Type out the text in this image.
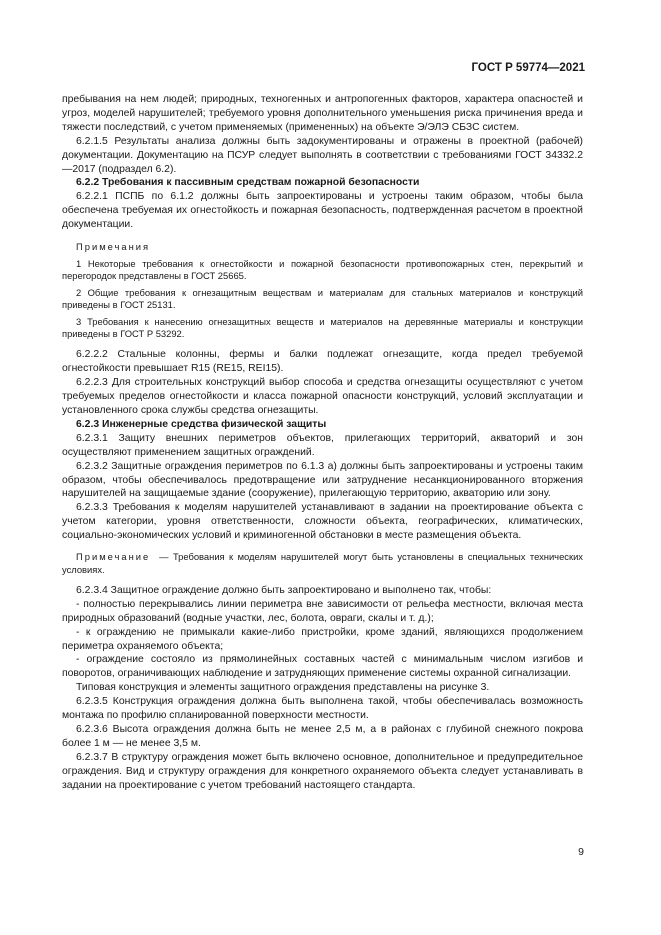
ГОСТ Р 59774—2021

пребывания на нем людей; природных, техногенных и антропогенных факторов, характера опасностей и угроз, моделей нарушителей; требуемого уровня дополнительного уменьшения риска причинения вреда и тяжести последствий, с учетом применяемых (примененных) на объекте Э/ЭЛЭ СБЗС систем.

6.2.1.5 Результаты анализа должны быть задокументированы и отражены в проектной (рабочей) документации. Документацию на ПСУР следует выполнять в соответствии с требованиями ГОСТ 34332.2—2017 (подраздел 6.2).

6.2.2 Требования к пассивным средствам пожарной безопасности

6.2.2.1 ПСПБ по 6.1.2 должны быть запроектированы и устроены таким образом, чтобы была обеспечена требуемая их огнестойкость и пожарная безопасность, подтвержденная расчетом в проектной документации.

Примечания

1 Некоторые требования к огнестойкости и пожарной безопасности противопожарных стен, перекрытий и перегородок представлены в ГОСТ 25665.

2 Общие требования к огнезащитным веществам и материалам для стальных материалов и конструкций приведены в ГОСТ 25131.

3 Требования к нанесению огнезащитных веществ и материалов на деревянные материалы и конструкции приведены в ГОСТ Р 53292.

6.2.2.2 Стальные колонны, фермы и балки подлежат огнезащите, когда предел требуемой огнестойкости превышает R15 (RE15, REI15).

6.2.2.3 Для строительных конструкций выбор способа и средства огнезащиты осуществляют с учетом требуемых пределов огнестойкости и класса пожарной опасности конструкций, условий эксплуатации и установленного срока службы средства огнезащиты.

6.2.3 Инженерные средства физической защиты

6.2.3.1 Защиту внешних периметров объектов, прилегающих территорий, акваторий и зон осуществляют применением защитных ограждений.

6.2.3.2 Защитные ограждения периметров по 6.1.3 а) должны быть запроектированы и устроены таким образом, чтобы обеспечивалось предотвращение или затруднение несанкционированного вторжения нарушителей на защищаемые здание (сооружение), прилегающую территорию, акваторию или зону.

6.2.3.3 Требования к моделям нарушителей устанавливают в задании на проектирование объекта с учетом категории, уровня ответственности, сложности объекта, географических, климатических, социально-экономических условий и криминогенной обстановки в месте размещения объекта.

Примечание — Требования к моделям нарушителей могут быть установлены в специальных технических условиях.

6.2.3.4 Защитное ограждение должно быть запроектировано и выполнено так, чтобы:

- полностью перекрывались линии периметра вне зависимости от рельефа местности, включая места природных образований (водные участки, лес, болота, овраги, скалы и т. д.);

- к ограждению не примыкали какие-либо пристройки, кроме зданий, являющихся продолжением периметра охраняемого объекта;

- ограждение состояло из прямолинейных составных частей с минимальным числом изгибов и поворотов, ограничивающих наблюдение и затрудняющих применение системы охранной сигнализации.

Типовая конструкция и элементы защитного ограждения представлены на рисунке 3.

6.2.3.5 Конструкция ограждения должна быть выполнена такой, чтобы обеспечивалась возможность монтажа по профилю спланированной поверхности местности.

6.2.3.6 Высота ограждения должна быть не менее 2,5 м, а в районах с глубиной снежного покрова более 1 м — не менее 3,5 м.

6.2.3.7 В структуру ограждения может быть включено основное, дополнительное и предупредительное ограждения. Вид и структуру ограждения для конкретного охраняемого объекта следует устанавливать в задании на проектирование с учетом требований настоящего стандарта.

9
